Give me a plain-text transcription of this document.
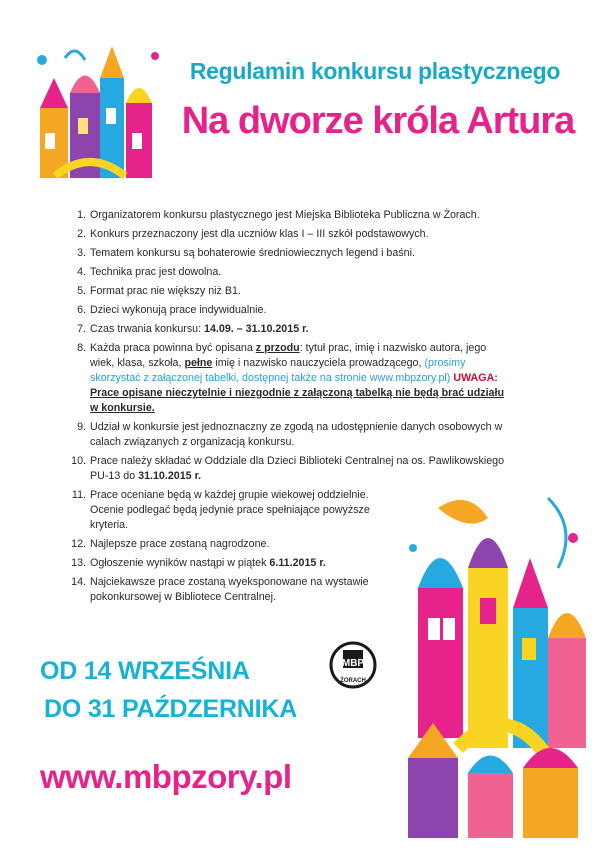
Regulamin konkursu plastycznego
Na dworze króla Artura
1. Organizatorem konkursu plastycznego jest Miejska Biblioteka Publiczna w Żorach.
2. Konkurs przeznaczony jest dla uczniów klas I – III szkół podstawowych.
3. Tematem konkursu są bohaterowie średniowiecznych legend i baśni.
4. Technika prac jest dowolna.
5. Format prac nie większy niż B1.
6. Dzieci wykonują prace indywidualnie.
7. Czas trwania konkursu: 14.09. – 31.10.2015 r.
8. Każda praca powinna być opisana z przodu: tytuł prac, imię i nazwisko autora, jego wiek, klasa, szkoła, pełne imię i nazwisko nauczyciela prowadzącego, (prosimy skorzystać z załączonej tabelki, dostępnej także na stronie www.mbpzory.pl) UWAGA: Prace opisane nieczytelnie i niezgodnie z załączoną tabelką nie będą brać udziału w konkursie.
9. Udział w konkursie jest jednoznaczny ze zgodą na udostępnienie danych osobowych w calach związanych z organizacją konkursu.
10. Prace należy składać w Oddziale dla Dzieci Biblioteki Centralnej na os. Pawlikowskiego PU-13 do 31.10.2015 r.
11. Prace oceniane będą w każdej grupie wiekowej oddzielnie. Ocenie podlegać będą jedynie prace spełniające powyższe kryteria.
12. Najlepsze prace zostaną nagrodzone.
13. Ogłoszenie wyników nastąpi w piątek 6.11.2015 r.
14. Najciekawsze prace zostaną wyeksponowane na wystawie pokonkursowej w Bibliotece Centralnej.
OD 14 WRZEŚNIA
DO 31 PAŹDZERNIKA
MBP
ŻORACH
www.mbpzory.pl
